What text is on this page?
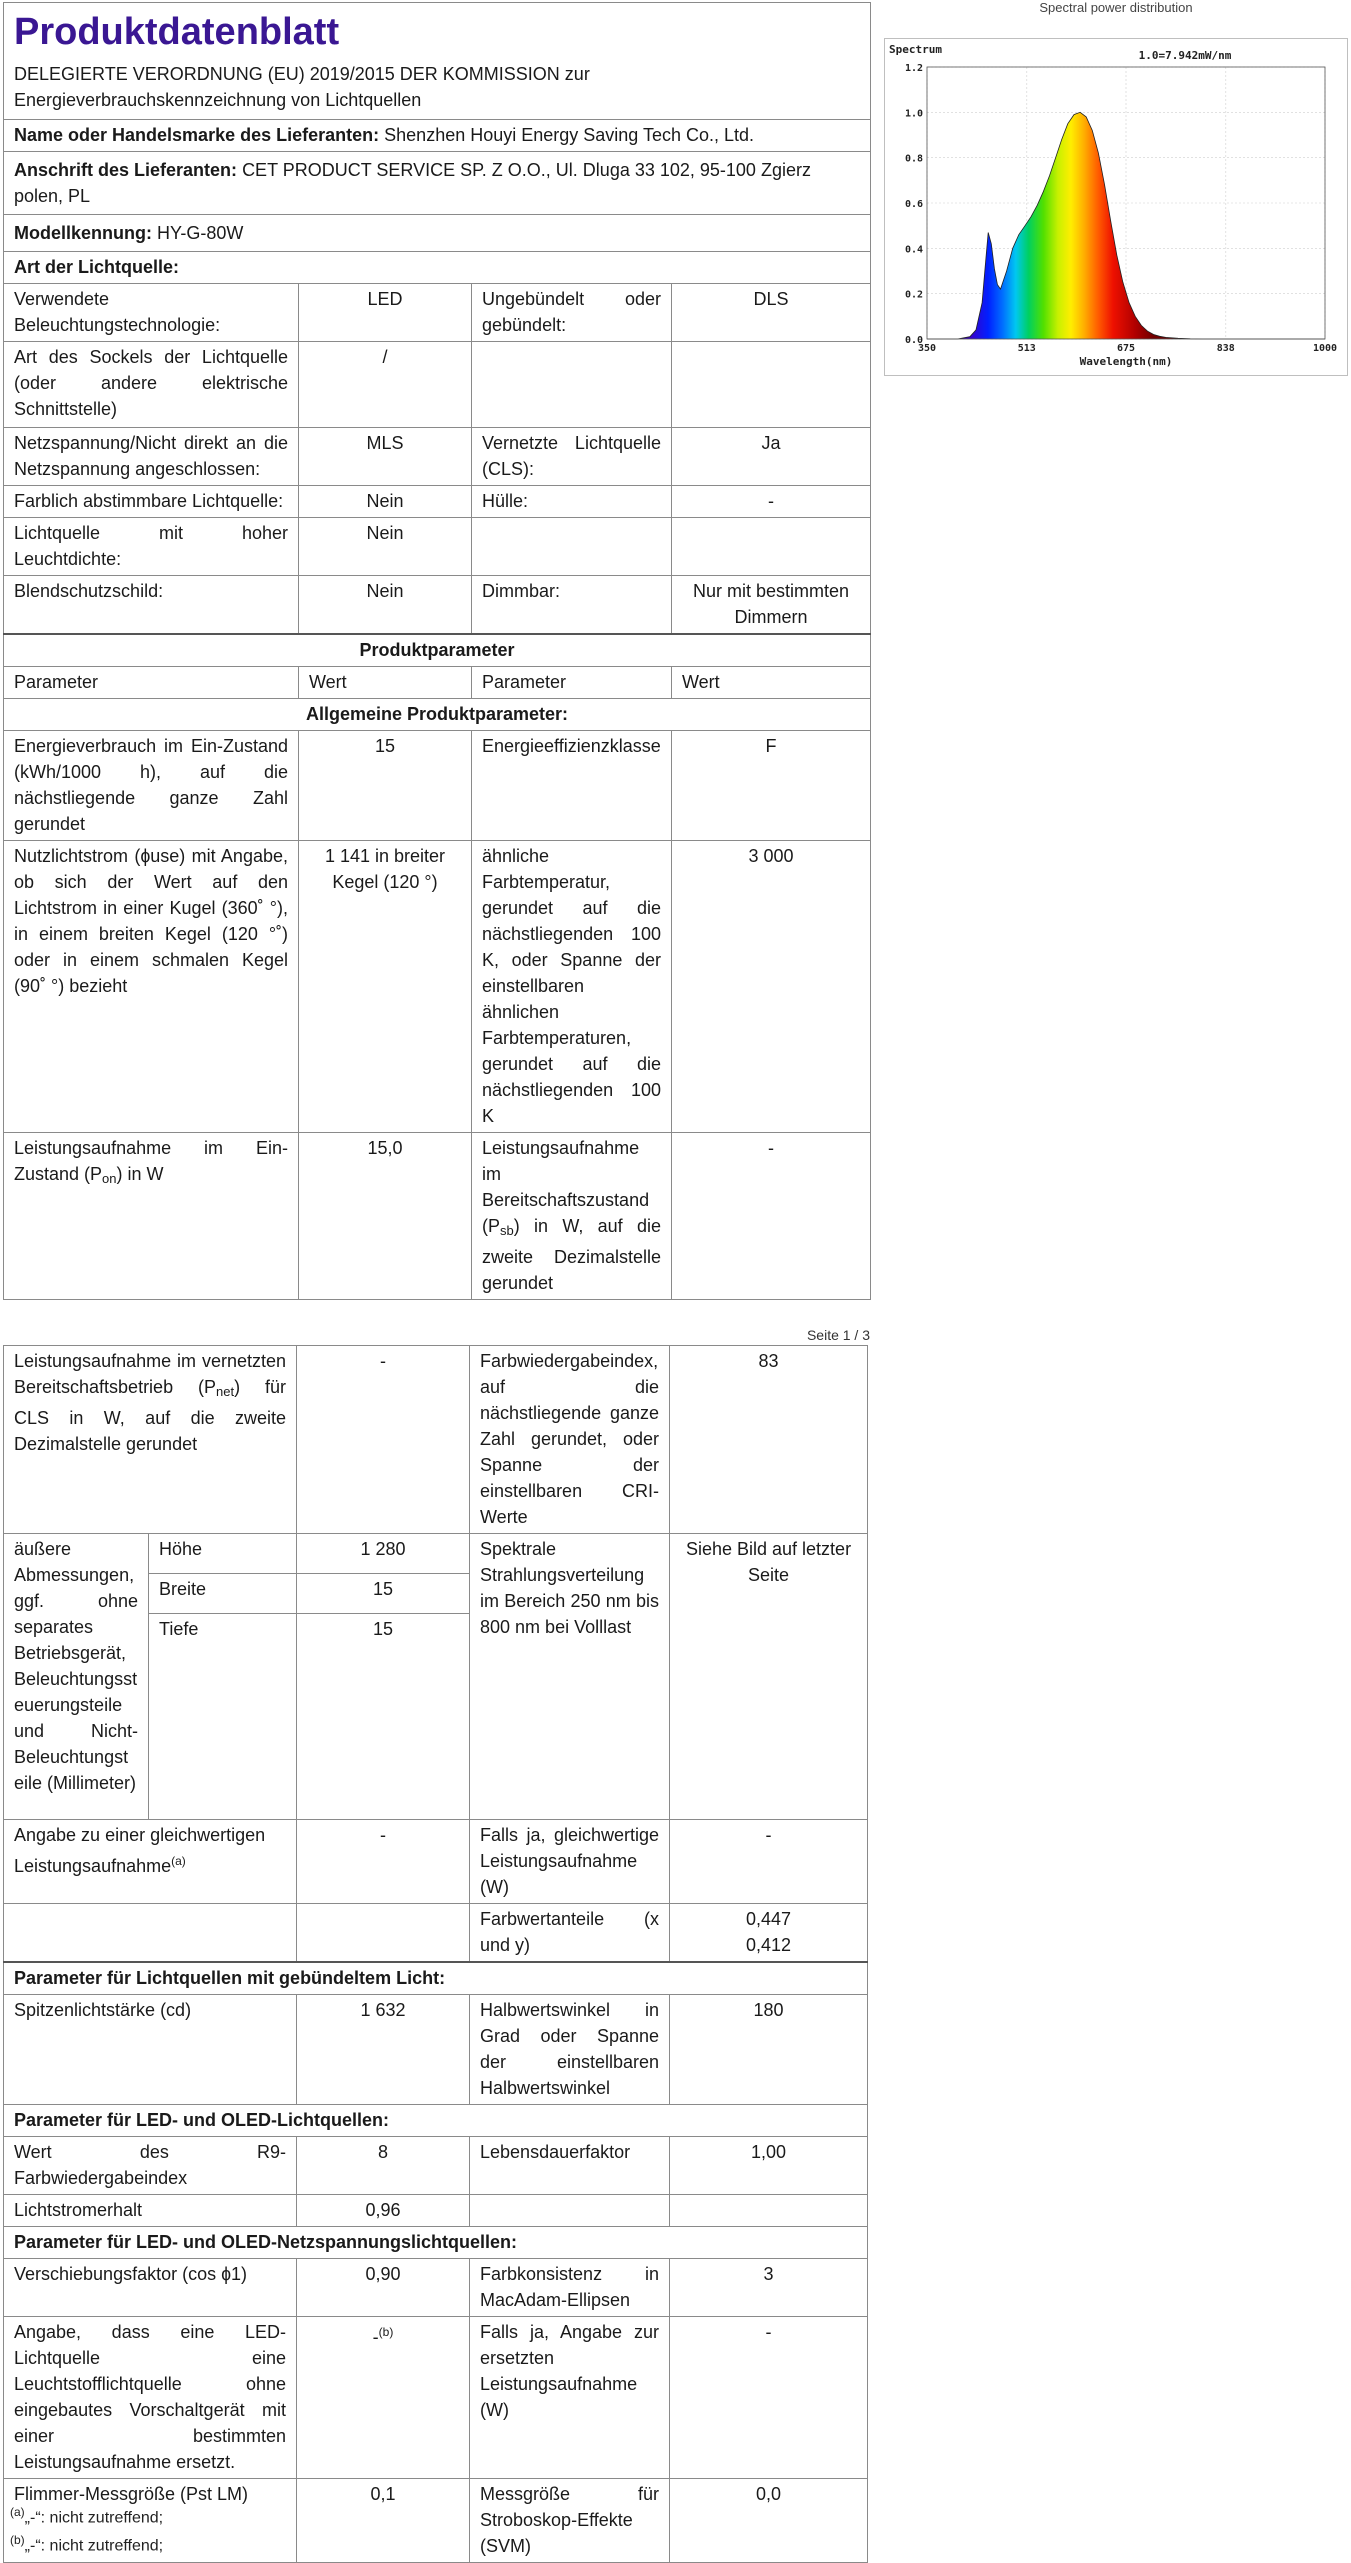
Produktdatenblatt
DELEGIERTE VERORDNUNG (EU) 2019/2015 DER KOMMISSION zur Energieverbrauchskennzeichnung von Lichtquellen			

Name oder Handelsmarke des Lieferanten: Shenzhen Houyi Energy Saving Tech Co., Ltd.			
Anschrift des Lieferanten: CET PRODUCT SERVICE SP. Z O.O., Ul. Dluga 33 102, 95-100 Zgierz polen, PL			
Modellkennung: HY-G-80W			
Art der Lichtquelle:			
Verwendete Beleuchtungstechnologie:	LED	Ungebündelt oder gebündelt:	DLS
Art des Sockels der Lichtquelle (oder andere elektrische Schnittstelle)	/		
Netzspannung/Nicht direkt an die Netzspannung angeschlossen:	MLS	Vernetzte Lichtquelle (CLS):	Ja
Farblich abstimmbare Lichtquelle:	Nein	Hülle:	-
Lichtquelle mit hoher Leuchtdichte:	Nein		
Blendschutzschild:	Nein	Dimmbar:	Nur mit bestimmten Dimmern
Produktparameter			
Parameter	Wert	Parameter	Wert
Allgemeine Produktparameter:			
Energieverbrauch im Ein-Zustand (kWh/1000 h), auf die nächstliegende ganze Zahl gerundet	15	Energieeffizienzklasse	F
Nutzlichtstrom (ɸuse) mit Angabe, ob sich der Wert auf den Lichtstrom in einer Kugel (360˚ °), in einem breiten Kegel (120 °˚) oder in einem schmalen Kegel (90˚ °) bezieht	1 141 in breiter Kegel (120 °)	ähnliche Farbtemperatur, gerundet auf die nächstliegenden 100 K, oder Spanne der einstellbaren ähnlichen Farbtemperaturen, gerundet auf die nächstliegenden 100 K	3 000
Leistungsaufnahme im Ein-Zustand $(P_{on})$ in W	15,0	Leistungsaufnahme im Bereitschaftszustand $(P_{sb})$ in W, auf die zweite Dezimalstelle gerundet	-
Spectral power distribution
0.0
0.2
0.4
0.6
0.8
1.0
1.2
350	513	675	838	1000
Spectrum
Wavelength(nm)
1.0=7.942mW/nm
Seite 1 / 3
Leistungsaufnahme im vernetzten Bereitschaftsbetrieb $(P_{net})$ für CLS in W, auf die zweite Dezimalstelle gerundet		-	Farbwiedergabeindex, auf die nächstliegende ganze Zahl gerundet, oder Spanne der einstellbaren CRI-Werte	83
äußere Abmessungen, ggf. ohne separates Betriebsgerät, Beleuchtungssteuerungsteile und Nicht-Beleuchtungsteile (Millimeter)	Höhe	1 280	Spektrale Strahlungsverteilung im Bereich 250 nm bis 800 nm bei Volllast	Siehe Bild auf letzter Seite
	Breite	15		
	Tiefe	15		
Angabe zu einer gleichwertigen Leistungsaufnahme$^{(a)}$		-	Falls ja, gleichwertige Leistungsaufnahme (W)	-
			Farbwertanteile (x und y)	0,447
0,412

Parameter für Lichtquellen mit gebündeltem Licht:				
Spitzenlichtstärke (cd)		1 632	Halbwertswinkel in Grad oder Spanne der einstellbaren Halbwertswinkel	180
Parameter für LED- und OLED-Lichtquellen:				
Wert des R9-Farbwiedergabeindex		8	Lebensdauerfaktor	1,00
Lichtstromerhalt		0,96		
Parameter für LED- und OLED-Netzspannungslichtquellen:				
Verschiebungsfaktor (cos ɸ1)		0,90	Farbkonsistenz in MacAdam-Ellipsen	3
Angabe, dass eine LED-Lichtquelle eine Leuchtstofflichtquelle ohne eingebautes Vorschaltgerät mit einer bestimmten Leistungsaufnahme ersetzt.		-$^{(b)}$	Falls ja, Angabe zur ersetzten Leistungsaufnahme (W)	-
Flimmer-Messgröße (Pst LM)		0,1	Messgröße für Stroboskop-Effekte (SVM)	0,0
$^{(a)}$„-“: nicht zutreffend;
$^{(b)}$„-“: nicht zutreffend;
